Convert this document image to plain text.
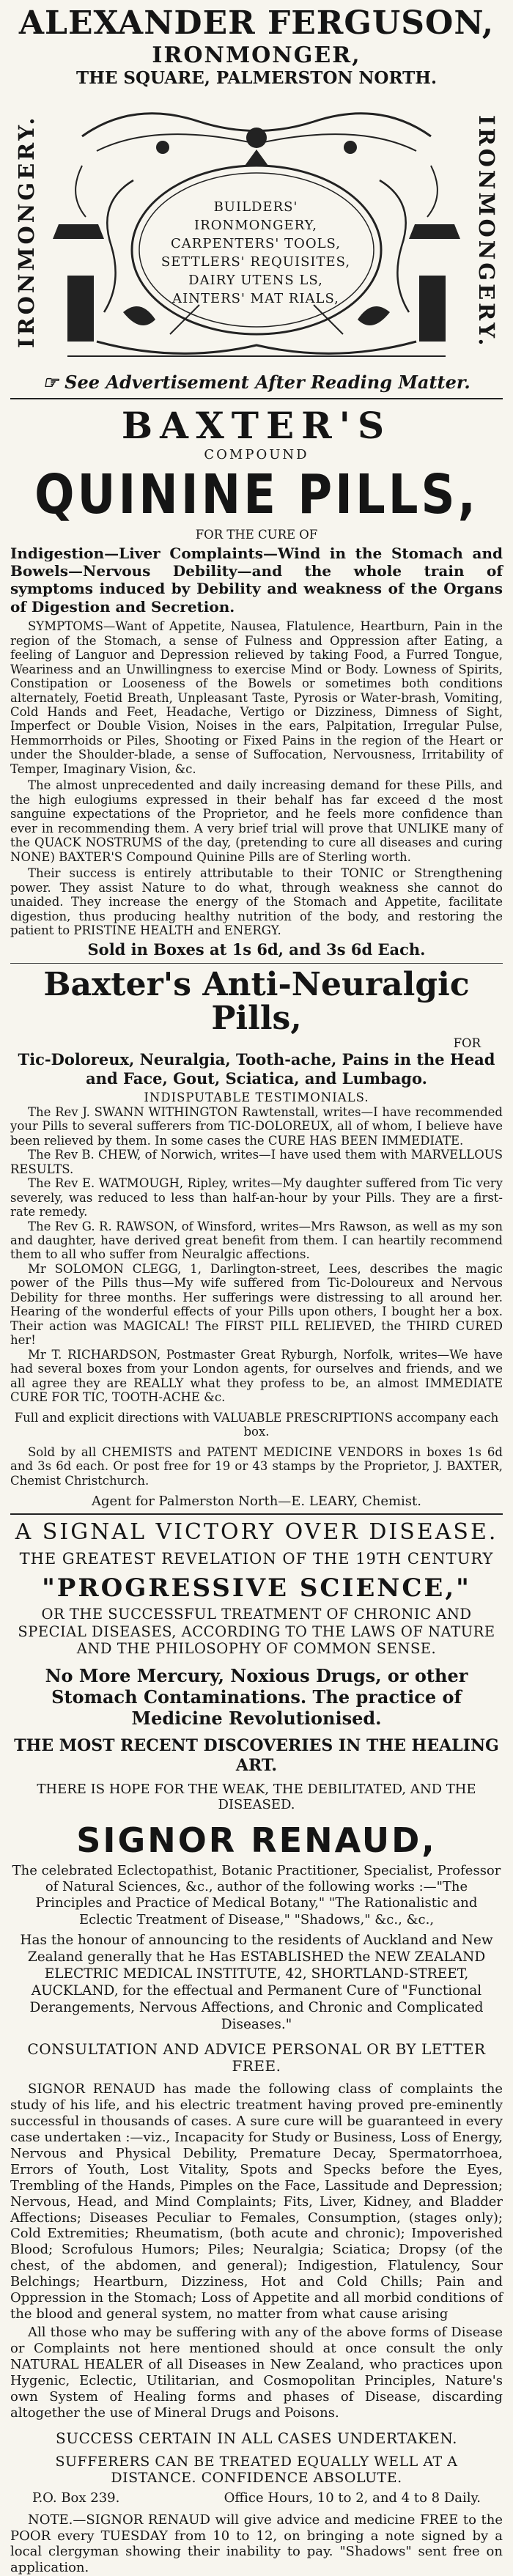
ALEXANDER FERGUSON,

IRONMONGER,

THE SQUARE, PALMERSTON NORTH.

IRONMONGERY.	IRONMONGERY.

BUILDERS' IRONMONGERY,

CARPENTERS' TOOLS,

SETTLERS' REQUISITES,

DAIRY UTENS LS,

AINTERS' MAT RIALS,

☞ See Advertisement After Reading Matter.

BAXTER'S

COMPOUND

QUININE PILLS,

FOR THE CURE OF

Indigestion—Liver Complaints—Wind in the Stomach and Bowels—Nervous Debility—and the whole train of symptoms induced by Debility and weakness of the Organs of Digestion and Secretion.

SYMPTOMS—Want of Appetite, Nausea, Flatulence, Heartburn, Pain in the region of the Stomach, a sense of Fulness and Oppression after Eating, a feeling of Languor and Depression relieved by taking Food, a Furred Tongue, Weariness and an Unwillingness to exercise Mind or Body. Lowness of Spirits, Constipation or Looseness of the Bowels or sometimes both conditions alternately, Foetid Breath, Unpleasant Taste, Pyrosis or Water-brash, Vomiting, Cold Hands and Feet, Headache, Vertigo or Dizziness, Dimness of Sight, Imperfect or Double Vision, Noises in the ears, Palpitation, Irregular Pulse, Hemmorrhoids or Piles, Shooting or Fixed Pains in the region of the Heart or under the Shoulder-blade, a sense of Suffocation, Nervousness, Irritability of Temper, Imaginary Vision, &c.

The almost unprecedented and daily increasing demand for these Pills, and the high eulogiums expressed in their behalf has far exceed d the most sanguine expectations of the Proprietor, and he feels more confidence than ever in recommending them. A very brief trial will prove that UNLIKE many of the QUACK NOSTRUMS of the day, (pretending to cure all diseases and curing NONE) BAXTER'S Compound Quinine Pills are of Sterling worth.

Their success is entirely attributable to their TONIC or Strengthening power. They assist Nature to do what, through weakness she cannot do unaided. They increase the energy of the Stomach and Appetite, facilitate digestion, thus producing healthy nutrition of the body, and restoring the patient to PRISTINE HEALTH and ENERGY.

Sold in Boxes at 1s 6d, and 3s 6d Each.

Baxter's Anti-Neuralgic Pills,

FOR

Tic-Doloreux, Neuralgia, Tooth-ache, Pains in the Head and Face, Gout, Sciatica, and Lumbago.

INDISPUTABLE TESTIMONIALS.

The Rev J. SWANN WITHINGTON Rawtenstall, writes—I have recommended your Pills to several sufferers from TIC-DOLOREUX, all of whom, I believe have been relieved by them. In some cases the CURE HAS BEEN IMMEDIATE.

The Rev B. CHEW, of Norwich, writes—I have used them with MARVELLOUS RESULTS.

The Rev E. WATMOUGH, Ripley, writes—My daughter suffered from Tic very severely, was reduced to less than half-an-hour by your Pills. They are a first-rate remedy.

The Rev G. R. RAWSON, of Winsford, writes—Mrs Rawson, as well as my son and daughter, have derived great benefit from them. I can heartily recommend them to all who suffer from Neuralgic affections.

Mr SOLOMON CLEGG, 1, Darlington-street, Lees, describes the magic power of the Pills thus—My wife suffered from Tic-Doloureux and Nervous Debility for three months. Her sufferings were distressing to all around her. Hearing of the wonderful effects of your Pills upon others, I bought her a box. Their action was MAGICAL! The FIRST PILL RELIEVED, the THIRD CURED her!

Mr T. RICHARDSON, Postmaster Great Ryburgh, Norfolk, writes—We have had several boxes from your London agents, for ourselves and friends, and we all agree they are REALLY what they profess to be, an almost IMMEDIATE CURE FOR TIC, TOOTH-ACHE &c.

Full and explicit directions with VALUABLE PRESCRIPTIONS accompany each box.

Sold by all CHEMISTS and PATENT MEDICINE VENDORS in boxes 1s 6d and 3s 6d each. Or post free for 19 or 43 stamps by the Proprietor, J. BAXTER, Chemist Christchurch.

Agent for Palmerston North—E. LEARY, Chemist.

A SIGNAL VICTORY OVER DISEASE.

THE GREATEST REVELATION OF THE 19TH CENTURY

"PROGRESSIVE SCIENCE,"

OR THE SUCCESSFUL TREATMENT OF CHRONIC AND SPECIAL DISEASES, ACCORDING TO THE LAWS OF NATURE AND THE PHILOSOPHY OF COMMON SENSE.

No More Mercury, Noxious Drugs, or other Stomach Contaminations. The practice of Medicine Revolutionised.

THE MOST RECENT DISCOVERIES IN THE HEALING ART.

THERE IS HOPE FOR THE WEAK, THE DEBILITATED, AND THE DISEASED.

SIGNOR RENAUD,

The celebrated Eclectopathist, Botanic Practitioner, Specialist, Professor of Natural Sciences, &c., author of the following works :—"The Principles and Practice of Medical Botany," "The Rationalistic and Eclectic Treatment of Disease," "Shadows," &c., &c.,

Has the honour of announcing to the residents of Auckland and New Zealand generally that he Has ESTABLISHED the NEW ZEALAND ELECTRIC MEDICAL INSTITUTE, 42, SHORTLAND-STREET, AUCKLAND, for the effectual and Permanent Cure of "Functional Derangements, Nervous Affections, and Chronic and Complicated Diseases."

CONSULTATION AND ADVICE PERSONAL OR BY LETTER FREE.

SIGNOR RENAUD has made the following class of complaints the study of his life, and his electric treatment having proved pre-eminently successful in thousands of cases. A sure cure will be guaranteed in every case undertaken :—viz., Incapacity for Study or Business, Loss of Energy, Nervous and Physical Debility, Premature Decay, Spermatorrhoea, Errors of Youth, Lost Vitality, Spots and Specks before the Eyes, Trembling of the Hands, Pimples on the Face, Lassitude and Depression; Nervous, Head, and Mind Complaints; Fits, Liver, Kidney, and Bladder Affections; Diseases Peculiar to Females, Consumption, (stages only); Cold Extremities; Rheumatism, (both acute and chronic); Impoverished Blood; Scrofulous Humors; Piles; Neuralgia; Sciatica; Dropsy (of the chest, of the abdomen, and general); Indigestion, Flatulency, Sour Belchings; Heartburn, Dizziness, Hot and Cold Chills; Pain and Oppression in the Stomach; Loss of Appetite and all morbid conditions of the blood and general system, no matter from what cause arising

All those who may be suffering with any of the above forms of Disease or Complaints not here mentioned should at once consult the only NATURAL HEALER of all Diseases in New Zealand, who practices upon Hygenic, Eclectic, Utilitarian, and Cosmopolitan Principles, Nature's own System of Healing forms and phases of Disease, discarding altogether the use of Mineral Drugs and Poisons.

SUCCESS CERTAIN IN ALL CASES UNDERTAKEN.

SUFFERERS CAN BE TREATED EQUALLY WELL AT A DISTANCE. CONFIDENCE ABSOLUTE.

P.O. Box 239.	Office Hours, 10 to 2, and 4 to 8 Daily.

NOTE.—SIGNOR RENAUD will give advice and medicine FREE to the POOR every TUESDAY from 10 to 12, on bringing a note signed by a local clergyman showing their inability to pay. "Shadows" sent free on application.
